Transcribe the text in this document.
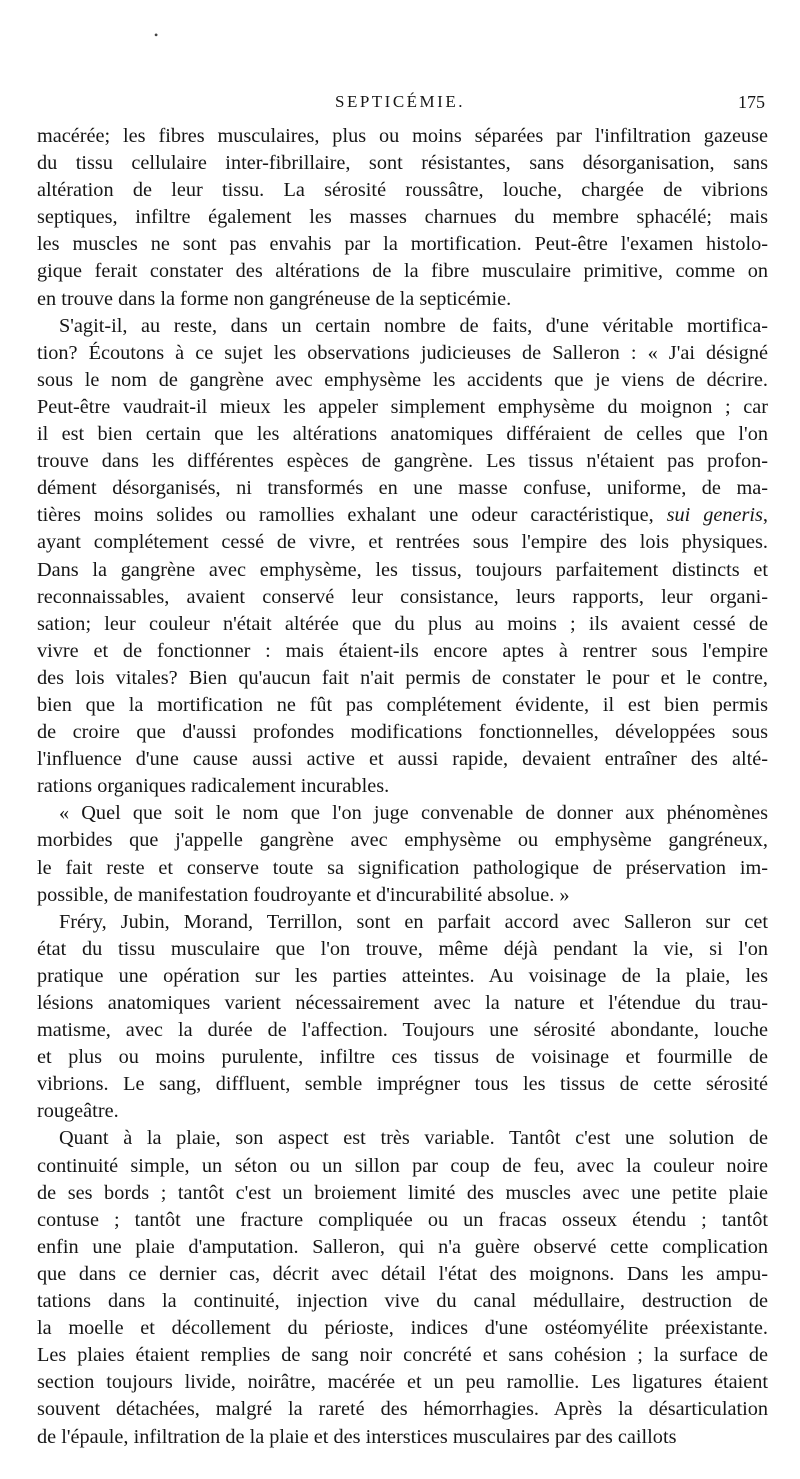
•
SEPTICÉMIE.	175

macérée; les fibres musculaires, plus ou moins séparées par l'infiltration gazeuse
du tissu cellulaire inter-fibrillaire, sont résistantes, sans désorganisation, sans
altération de leur tissu. La sérosité roussâtre, louche, chargée de vibrions
septiques, infiltre également les masses charnues du membre sphacélé; mais
les muscles ne sont pas envahis par la mortification. Peut-être l'examen histolo-
gique ferait constater des altérations de la fibre musculaire primitive, comme on
en trouve dans la forme non gangréneuse de la septicémie.

S'agit-il, au reste, dans un certain nombre de faits, d'une véritable mortifica-
tion? Écoutons à ce sujet les observations judicieuses de Salleron : « J'ai désigné
sous le nom de gangrène avec emphysème les accidents que je viens de décrire.
Peut-être vaudrait-il mieux les appeler simplement emphysème du moignon ; car
il est bien certain que les altérations anatomiques différaient de celles que l'on
trouve dans les différentes espèces de gangrène. Les tissus n'étaient pas profon-
dément désorganisés, ni transformés en une masse confuse, uniforme, de ma-
tières moins solides ou ramollies exhalant une odeur caractéristique, sui generis,
ayant complétement cessé de vivre, et rentrées sous l'empire des lois physiques.
Dans la gangrène avec emphysème, les tissus, toujours parfaitement distincts et
reconnaissables, avaient conservé leur consistance, leurs rapports, leur organi-
sation; leur couleur n'était altérée que du plus au moins ; ils avaient cessé de
vivre et de fonctionner : mais étaient-ils encore aptes à rentrer sous l'empire
des lois vitales? Bien qu'aucun fait n'ait permis de constater le pour et le contre,
bien que la mortification ne fût pas complétement évidente, il est bien permis
de croire que d'aussi profondes modifications fonctionnelles, développées sous
l'influence d'une cause aussi active et aussi rapide, devaient entraîner des alté-
rations organiques radicalement incurables.

« Quel que soit le nom que l'on juge convenable de donner aux phénomènes
morbides que j'appelle gangrène avec emphysème ou emphysème gangréneux,
le fait reste et conserve toute sa signification pathologique de préservation im-
possible, de manifestation foudroyante et d'incurabilité absolue. »

Fréry, Jubin, Morand, Terrillon, sont en parfait accord avec Salleron sur cet
état du tissu musculaire que l'on trouve, même déjà pendant la vie, si l'on
pratique une opération sur les parties atteintes. Au voisinage de la plaie, les
lésions anatomiques varient nécessairement avec la nature et l'étendue du trau-
matisme, avec la durée de l'affection. Toujours une sérosité abondante, louche
et plus ou moins purulente, infiltre ces tissus de voisinage et fourmille de
vibrions. Le sang, diffluent, semble imprégner tous les tissus de cette sérosité
rougeâtre.

Quant à la plaie, son aspect est très variable. Tantôt c'est une solution de
continuité simple, un séton ou un sillon par coup de feu, avec la couleur noire
de ses bords ; tantôt c'est un broiement limité des muscles avec une petite plaie
contuse ; tantôt une fracture compliquée ou un fracas osseux étendu ; tantôt
enfin une plaie d'amputation. Salleron, qui n'a guère observé cette complication
que dans ce dernier cas, décrit avec détail l'état des moignons. Dans les ampu-
tations dans la continuité, injection vive du canal médullaire, destruction de
la moelle et décollement du périoste, indices d'une ostéomyélite préexistante.
Les plaies étaient remplies de sang noir concrété et sans cohésion ; la surface de
section toujours livide, noirâtre, macérée et un peu ramollie. Les ligatures étaient
souvent détachées, malgré la rareté des hémorrhagies. Après la désarticulation
de l'épaule, infiltration de la plaie et des interstices musculaires par des caillots
